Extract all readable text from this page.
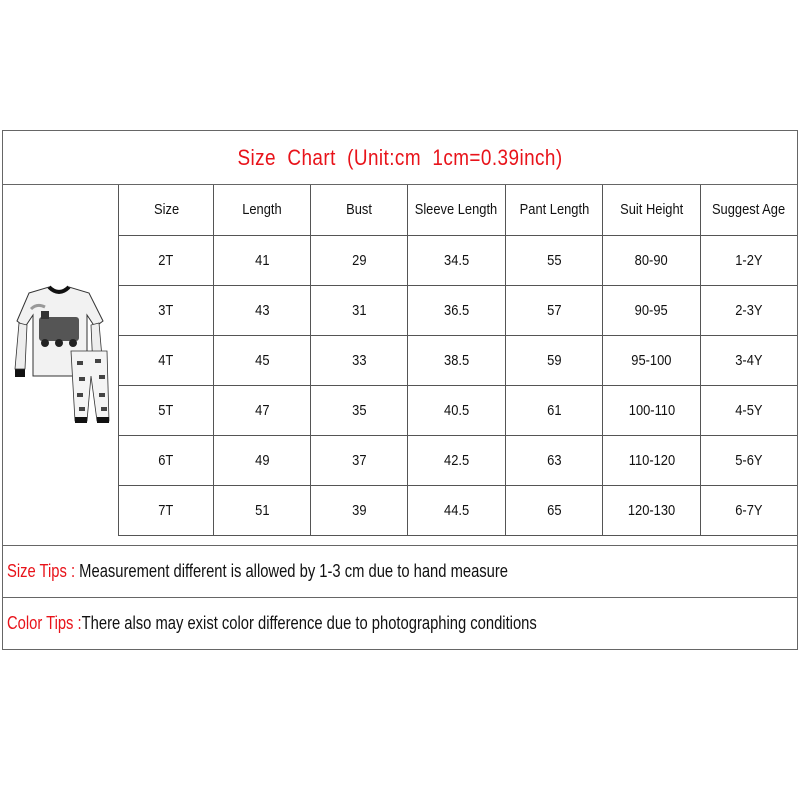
Size  Chart  (Unit:cm  1cm=0.39inch)
Size	Length	Bust	Sleeve Length	Pant Length	Suit Height	Suggest Age
2T	41	29	34.5	55	80-90	1-2Y
3T	43	31	36.5	57	90-95	2-3Y
4T	45	33	38.5	59	95-100	3-4Y
5T	47	35	40.5	61	100-110	4-5Y
6T	49	37	42.5	63	110-120	5-6Y
7T	51	39	44.5	65	120-130	6-7Y
Size Tips : Measurement different is allowed by 1-3 cm due to hand measure
Color Tips :There also may exist color difference due to photographing conditions
